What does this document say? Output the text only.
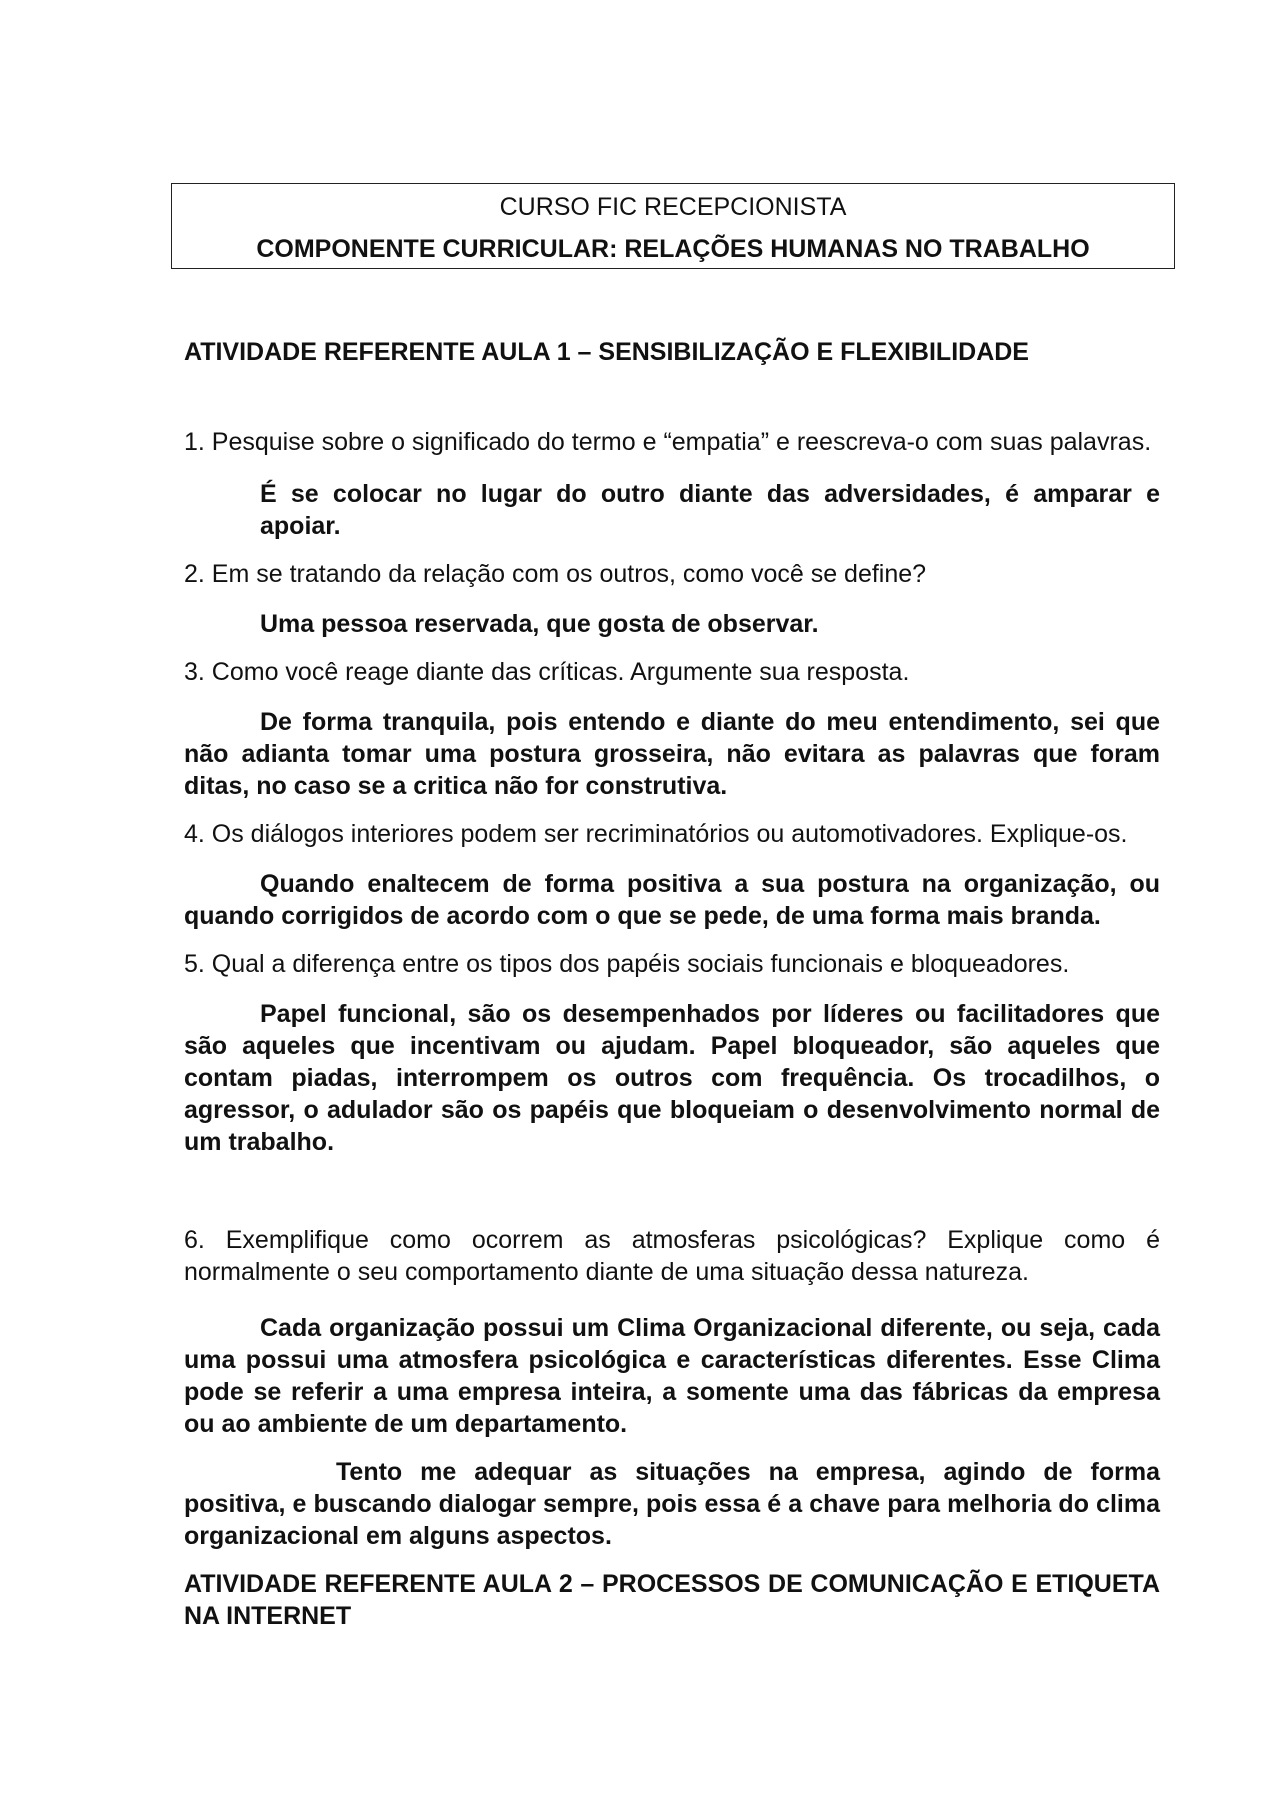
CURSO FIC RECEPCIONISTA
COMPONENTE CURRICULAR: RELAÇÕES HUMANAS NO TRABALHO

ATIVIDADE REFERENTE AULA 1 – SENSIBILIZAÇÃO E FLEXIBILIDADE

1. Pesquise sobre o significado do termo e “empatia” e reescreva-o com suas palavras.

É se colocar no lugar do outro diante das adversidades, é amparar e apoiar.

2. Em se tratando da relação com os outros, como você se define?

Uma pessoa reservada, que gosta de observar.

3. Como você reage diante das críticas. Argumente sua resposta.

De forma tranquila, pois entendo e diante do meu entendimento, sei que não adianta tomar uma postura grosseira, não evitara as palavras que foram ditas, no caso se a critica não for construtiva.

4. Os diálogos interiores podem ser recriminatórios ou automotivadores. Explique-os.

Quando enaltecem de forma positiva a sua postura na organização, ou quando corrigidos de acordo com o que se pede, de uma forma mais branda.

5. Qual a diferença entre os tipos dos papéis sociais funcionais e bloqueadores.

Papel funcional, são os desempenhados por líderes ou facilitadores que são aqueles que incentivam ou ajudam. Papel bloqueador, são aqueles que contam piadas, interrompem os outros com frequência. Os trocadilhos, o agressor, o adulador são os papéis que bloqueiam o desenvolvimento normal de um trabalho.

6. Exemplifique como ocorrem as atmosferas psicológicas? Explique como é normalmente o seu comportamento diante de uma situação dessa natureza.

Cada organização possui um Clima Organizacional diferente, ou seja, cada uma possui uma atmosfera psicológica e características diferentes. Esse Clima pode se referir a uma empresa inteira, a somente uma das fábricas da empresa ou ao ambiente de um departamento.

Tento me adequar as situações na empresa, agindo de forma positiva, e buscando dialogar sempre, pois essa é a chave para melhoria do clima organizacional em alguns aspectos.

ATIVIDADE REFERENTE AULA 2 – PROCESSOS DE COMUNICAÇÃO E ETIQUETA NA INTERNET
